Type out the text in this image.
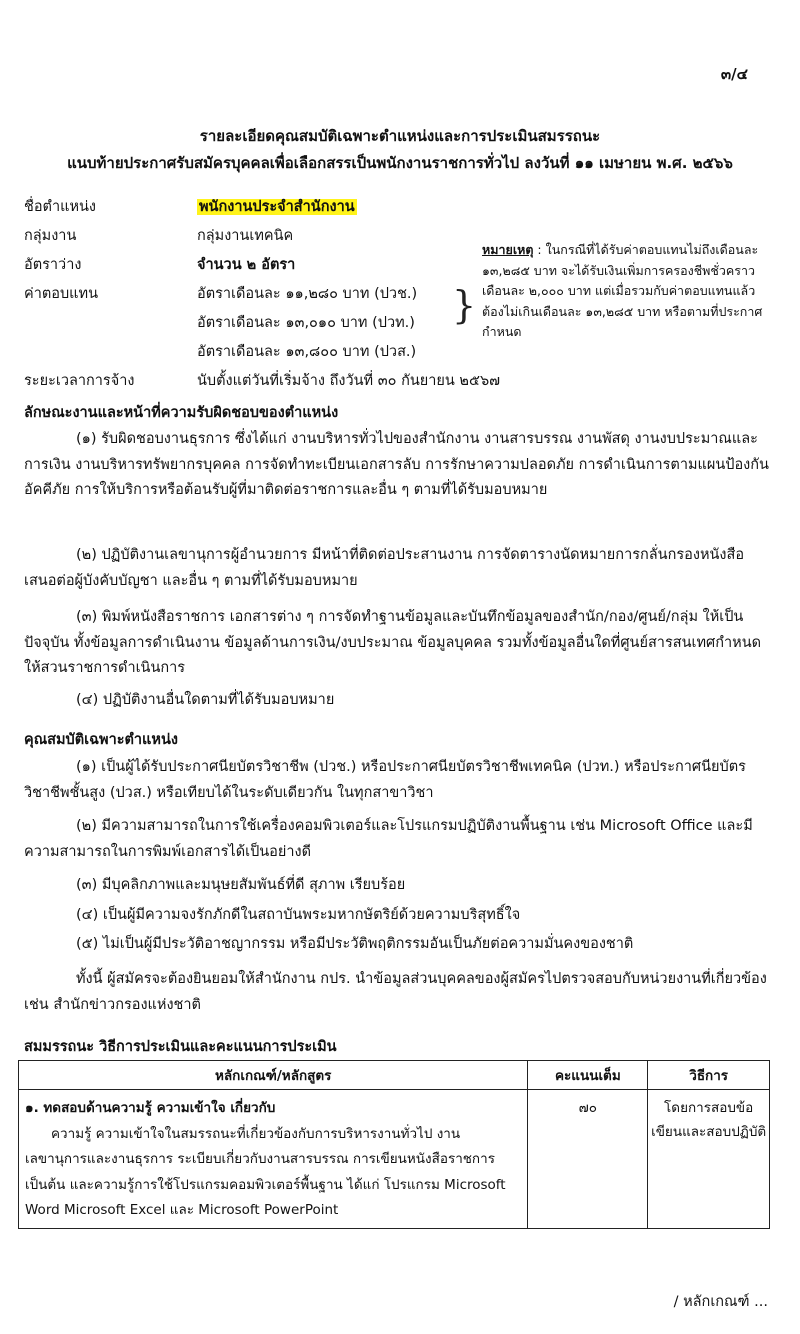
๓/๔
รายละเอียดคุณสมบัติเฉพาะตำแหน่งและการประเมินสมรรถนะ
แนบท้ายประกาศรับสมัครบุคคลเพื่อเลือกสรรเป็นพนักงานราชการทั่วไป ลงวันที่ ๑๑ เมษายน พ.ศ. ๒๕๖๖
ชื่อตำแหน่ง	พนักงานประจำสำนักงาน
กลุ่มงาน	กลุ่มงานเทคนิค
อัตราว่าง	จำนวน ๒ อัตรา
ค่าตอบแทน	อัตราเดือนละ ๑๑,๒๘๐ บาท (ปวช.)
อัตราเดือนละ ๑๓,๐๑๐ บาท (ปวท.)
อัตราเดือนละ ๑๓,๘๐๐ บาท (ปวส.)
}
ระยะเวลาการจ้าง	นับตั้งแต่วันที่เริ่มจ้าง ถึงวันที่ ๓๐ กันยายน ๒๕๖๗
หมายเหตุ : ในกรณีที่ได้รับค่าตอบแทนไม่ถึงเดือนละ ๑๓,๒๘๕ บาท จะได้รับเงินเพิ่มการครองชีพชั่วคราวเดือนละ ๒,๐๐๐ บาท แต่เมื่อรวมกับค่าตอบแทนแล้วต้องไม่เกินเดือนละ ๑๓,๒๘๕ บาท หรือตามที่ประกาศกำหนด
ลักษณะงานและหน้าที่ความรับผิดชอบของตำแหน่ง
(๑) รับผิดชอบงานธุรการ ซึ่งได้แก่ งานบริหารทั่วไปของสำนักงาน งานสารบรรณ งานพัสดุ งานงบประมาณและการเงิน งานบริหารทรัพยากรบุคคล การจัดทำทะเบียนเอกสารลับ การรักษาความปลอดภัย การดำเนินการตามแผนป้องกันอัคคีภัย การให้บริการหรือต้อนรับผู้ที่มาติดต่อราชการและอื่น ๆ ตามที่ได้รับมอบหมาย
(๒) ปฏิบัติงานเลขานุการผู้อำนวยการ มีหน้าที่ติดต่อประสานงาน การจัดตารางนัดหมายการกลั่นกรองหนังสือเสนอต่อผู้บังคับบัญชา และอื่น ๆ ตามที่ได้รับมอบหมาย
(๓) พิมพ์หนังสือราชการ เอกสารต่าง ๆ การจัดทำฐานข้อมูลและบันทึกข้อมูลของสำนัก/กอง/ศูนย์/กลุ่ม ให้เป็นปัจจุบัน ทั้งข้อมูลการดำเนินงาน ข้อมูลด้านการเงิน/งบประมาณ ข้อมูลบุคคล รวมทั้งข้อมูลอื่นใดที่ศูนย์สารสนเทศกำหนดให้สวนราชการดำเนินการ
(๔) ปฏิบัติงานอื่นใดตามที่ได้รับมอบหมาย
คุณสมบัติเฉพาะตำแหน่ง
(๑) เป็นผู้ได้รับประกาศนียบัตรวิชาชีพ (ปวช.) หรือประกาศนียบัตรวิชาชีพเทคนิค (ปวท.) หรือประกาศนียบัตรวิชาชีพชั้นสูง (ปวส.) หรือเทียบได้ในระดับเดียวกัน ในทุกสาขาวิชา
(๒) มีความสามารถในการใช้เครื่องคอมพิวเตอร์และโปรแกรมปฏิบัติงานพื้นฐาน เช่น Microsoft Office และมีความสามารถในการพิมพ์เอกสารได้เป็นอย่างดี
(๓) มีบุคลิกภาพและมนุษยสัมพันธ์ที่ดี สุภาพ เรียบร้อย
(๔) เป็นผู้มีความจงรักภักดีในสถาบันพระมหากษัตริย์ด้วยความบริสุทธิ์ใจ
(๕) ไม่เป็นผู้มีประวัติอาชญากรรม หรือมีประวัติพฤติกรรมอันเป็นภัยต่อความมั่นคงของชาติ
ทั้งนี้ ผู้สมัครจะต้องยินยอมให้สำนักงาน กปร. นำข้อมูลส่วนบุคคลของผู้สมัครไปตรวจสอบกับหน่วยงานที่เกี่ยวข้อง เช่น สำนักข่าวกรองแห่งชาติ
สมมรรถนะ วิธีการประเมินและคะแนนการประเมิน
หลักเกณฑ์/หลักสูตร	คะแนนเต็ม	วิธีการ

๑. ทดสอบด้านความรู้ ความเข้าใจ เกี่ยวกับ
ความรู้ ความเข้าใจในสมรรถนะที่เกี่ยวข้องกับการบริหารงานทั่วไป งานเลขานุการและงานธุรการ ระเบียบเกี่ยวกับงานสารบรรณ การเขียนหนังสือราชการ เป็นต้น และความรู้การใช้โปรแกรมคอมพิวเตอร์พื้นฐาน ได้แก่ โปรแกรม Microsoft Word Microsoft Excel และ Microsoft PowerPoint	๗๐	โดยการสอบข้อเขียนและสอบปฏิบัติ
/ หลักเกณฑ์ ...
